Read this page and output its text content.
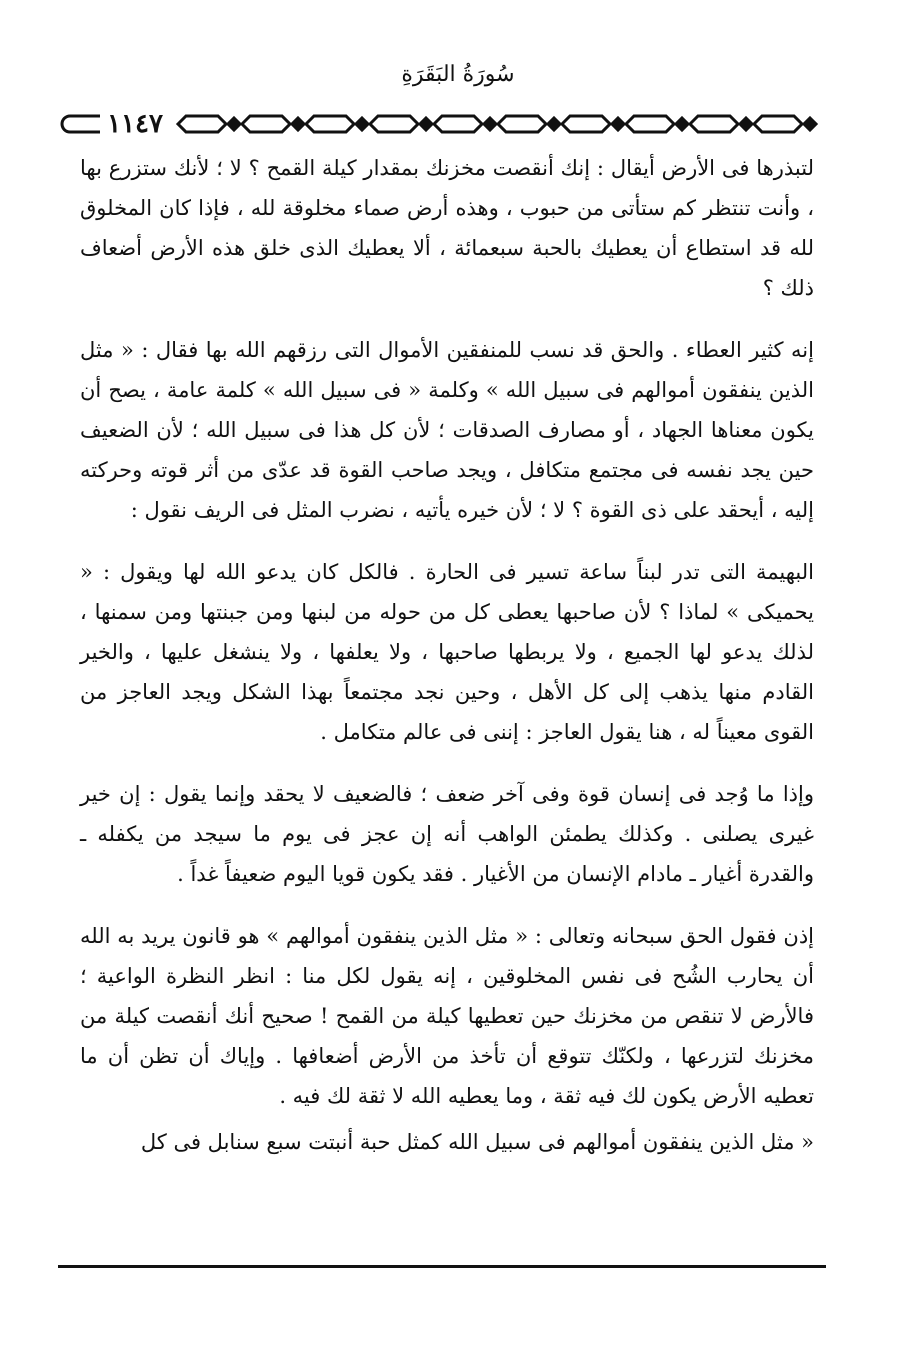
سُورَةُ البَقَرَةِ
١١٤٧

لتبذرها فى الأرض أيقال : إنك أنقصت مخزنك بمقدار كيلة القمح ؟ لا ؛ لأنك ستزرع بها ، وأنت تنتظر كم ستأتى من حبوب ، وهذه أرض صماء مخلوقة لله ، فإذا كان المخلوق لله قد استطاع أن يعطيك بالحبة سبعمائة ، ألا يعطيك الذى خلق هذه الأرض أضعاف ذلك ؟

إنه كثير العطاء . والحق قد نسب للمنفقين الأموال التى رزقهم الله بها فقال : « مثل الذين ينفقون أموالهم فى سبيل الله » وكلمة « فى سبيل الله » كلمة عامة ، يصح أن يكون معناها الجهاد ، أو مصارف الصدقات ؛ لأن كل هذا فى سبيل الله ؛ لأن الضعيف حين يجد نفسه فى مجتمع متكافل ، ويجد صاحب القوة قد عدّى من أثر قوته وحركته إليه ، أيحقد على ذى القوة ؟ لا ؛ لأن خيره يأتيه ، نضرب المثل فى الريف نقول :

البهيمة التى تدر لبناً ساعة تسير فى الحارة . فالكل كان يدعو الله لها ويقول : « يحميكى » لماذا ؟ لأن صاحبها يعطى كل من حوله من لبنها ومن جبنتها ومن سمنها ، لذلك يدعو لها الجميع ، ولا يربطها صاحبها ، ولا يعلفها ، ولا ينشغل عليها ، والخير القادم منها يذهب إلى كل الأهل ، وحين نجد مجتمعاً بهذا الشكل ويجد العاجز من القوى معيناً له ، هنا يقول العاجز : إننى فى عالم متكامل .

وإذا ما وُجد فى إنسان قوة وفى آخر ضعف ؛ فالضعيف لا يحقد وإنما يقول : إن خير غيرى يصلنى . وكذلك يطمئن الواهب أنه إن عجز فى يوم ما سيجد من يكفله ـ والقدرة أغيار ـ مادام الإنسان من الأغيار . فقد يكون قويا اليوم ضعيفاً غداً .

إذن فقول الحق سبحانه وتعالى : « مثل الذين ينفقون أموالهم » هو قانون يريد به الله أن يحارب الشُح فى نفس المخلوقين ، إنه يقول لكل منا : انظر النظرة الواعية ؛ فالأرض لا تنقص من مخزنك حين تعطيها كيلة من القمح ! صحيح أنك أنقصت كيلة من مخزنك لتزرعها ، ولكنّك تتوقع أن تأخذ من الأرض أضعافها . وإياك أن تظن أن ما تعطيه الأرض يكون لك فيه ثقة ، وما يعطيه الله لا ثقة لك فيه .

« مثل الذين ينفقون أموالهم فى سبيل الله كمثل حبة أنبتت سبع سنابل فى كل
